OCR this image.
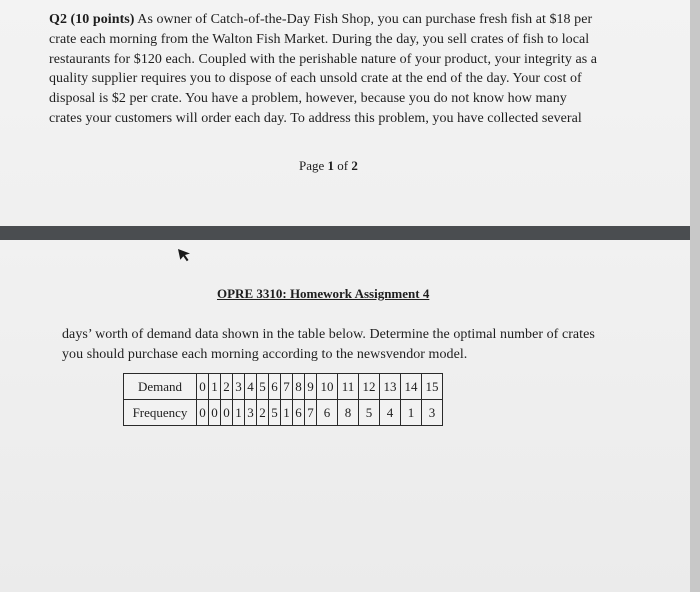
Q2 (10 points) As owner of Catch-of-the-Day Fish Shop, you can purchase fresh fish at $18 per
crate each morning from the Walton Fish Market. During the day, you sell crates of fish to local
restaurants for $120 each. Coupled with the perishable nature of your product, your integrity as a
quality supplier requires you to dispose of each unsold crate at the end of the day. Your cost of
disposal is $2 per crate. You have a problem, however, because you do not know how many
crates your customers will order each day. To address this problem, you have collected several
Page 1 of 2
OPRE 3310: Homework Assignment 4
days’ worth of demand data shown in the table below. Determine the optimal number of crates
you should purchase each morning according to the newsvendor model.
Demand	0	1	2	3	4	5	6	7	8	9	10	11	12	13	14	15
Frequency	0	0	0	1	3	2	5	1	6	7	6	8	5	4	1	3
